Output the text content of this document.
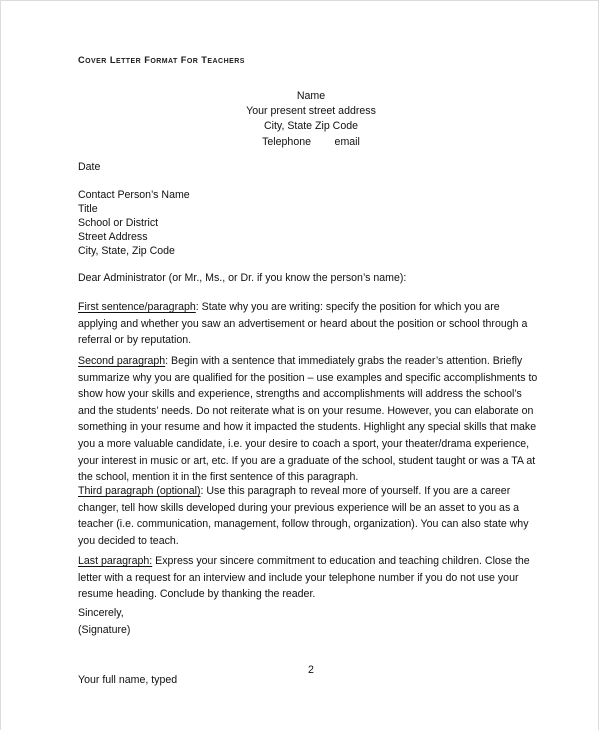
Cover Letter Format For Teachers
Name
Your present street address
City, State Zip Code
Telephone        email
Date
Contact Person’s Name
Title
School or District
Street Address
City, State, Zip Code
Dear Administrator (or Mr., Ms., or Dr. if you know the person’s name):
First sentence/paragraph: State why you are writing: specify the position for which you are applying and whether you saw an advertisement or heard about the position or school through a referral or by reputation.
Second paragraph: Begin with a sentence that immediately grabs the reader’s attention. Briefly summarize why you are qualified for the position – use examples and specific accomplishments to show how your skills and experience, strengths and accomplishments will address the school’s and the students’ needs. Do not reiterate what is on your resume. However, you can elaborate on something in your resume and how it impacted the students. Highlight any special skills that make you a more valuable candidate, i.e. your desire to coach a sport, your theater/drama experience, your interest in music or art, etc. If you are a graduate of the school, student taught or was a TA at the school, mention it in the first sentence of this paragraph.
Third paragraph (optional): Use this paragraph to reveal more of yourself. If you are a career changer, tell how skills developed during your previous experience will be an asset to you as a teacher (i.e. communication, management, follow through, organization). You can also state why you decided to teach.
Last paragraph: Express your sincere commitment to education and teaching children. Close the letter with a request for an interview and include your telephone number if you do not use your resume heading. Conclude by thanking the reader.
Sincerely,
(Signature)
Your full name, typed
2
